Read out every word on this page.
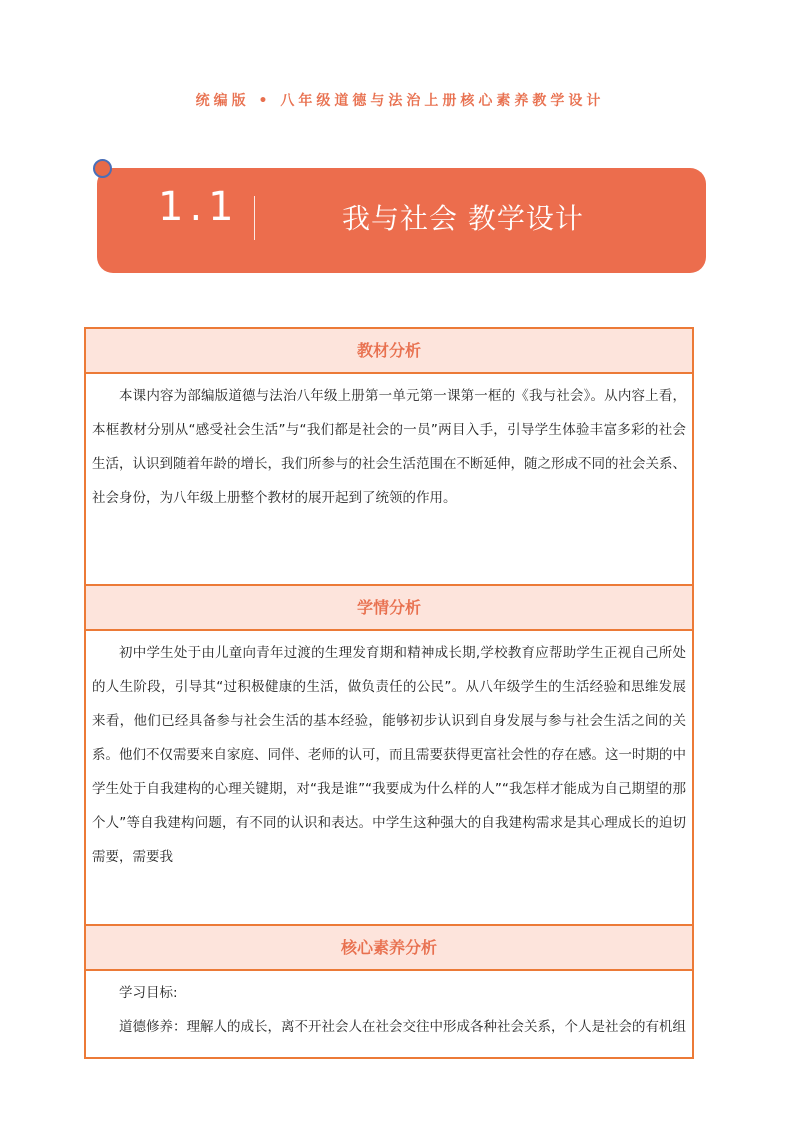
统编版 • 八年级道德与法治上册核心素养教学设计
1.1	我与社会 教学设计
教材分析

本课内容为部编版道德与法治八年级上册第一单元第一课第一框的《我与社会》。从内容上看，本框教材分别从“感受社会生活”与“我们都是社会的一员”两目入手，引导学生体验丰富多彩的社会生活，认识到随着年龄的增长，我们所参与的社会生活范围在不断延伸，随之形成不同的社会关系、社会身份，为八年级上册整个教材的展开起到了统领的作用。

学情分析

初中学生处于由儿童向青年过渡的生理发育期和精神成长期,学校教育应帮助学生正视自己所处的人生阶段，引导其“过积极健康的生活，做负责任的公民”。从八年级学生的生活经验和思维发展来看，他们已经具备参与社会生活的基本经验，能够初步认识到自身发展与参与社会生活之间的关系。他们不仅需要来自家庭、同伴、老师的认可，而且需要获得更富社会性的存在感。这一时期的中学生处于自我建构的心理关键期，对“我是谁”“我要成为什么样的人”“我怎样才能成为自己期望的那个人”等自我建构问题，有不同的认识和表达。中学生这种强大的自我建构需求是其心理成长的迫切需要，需要我

核心素养分析

学习目标:

道德修养：理解人的成长，离不开社会人在社会交往中形成各种社会关系，个人是社会的有机组
